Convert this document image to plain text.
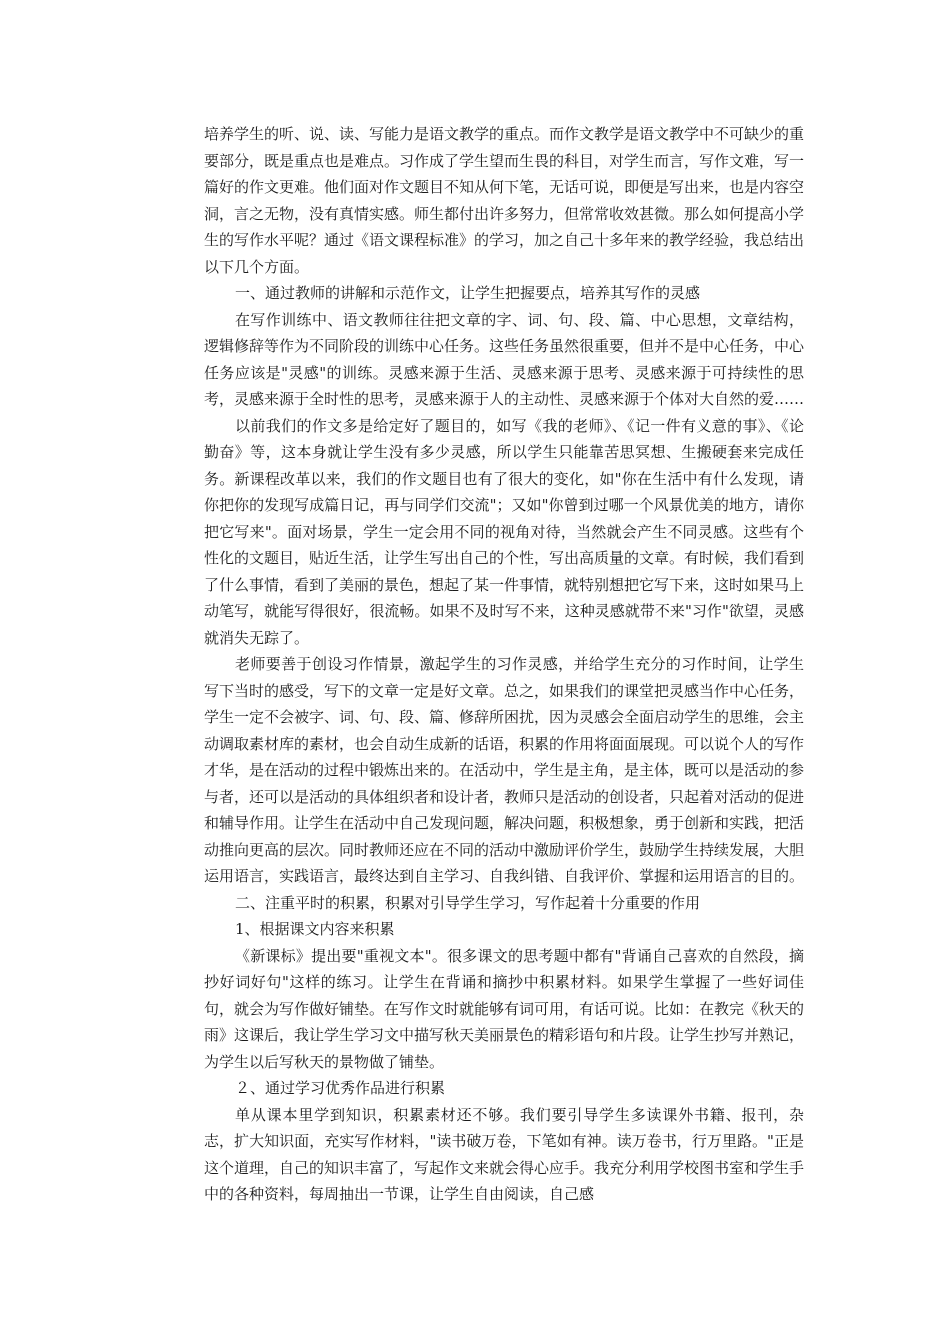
培养学生的听、说、读、写能力是语文教学的重点。而作文教学是语文教学中不可缺少的重要部分，既是重点也是难点。习作成了学生望而生畏的科目，对学生而言，写作文难，写一篇好的作文更难。他们面对作文题目不知从何下笔，无话可说，即便是写出来，也是内容空洞，言之无物，没有真情实感。师生都付出许多努力，但常常收效甚微。那么如何提高小学生的写作水平呢？通过《语文课程标准》的学习，加之自己十多年来的教学经验，我总结出以下几个方面。

一、通过教师的讲解和示范作文，让学生把握要点，培养其写作的灵感

在写作训练中、语文教师往往把文章的字、词、句、段、篇、中心思想，文章结构，逻辑修辞等作为不同阶段的训练中心任务。这些任务虽然很重要，但并不是中心任务，中心任务应该是"灵感"的训练。灵感来源于生活、灵感来源于思考、灵感来源于可持续性的思考，灵感来源于全时性的思考，灵感来源于人的主动性、灵感来源于个体对大自然的爱……

以前我们的作文多是给定好了题目的，如写《我的老师》、《记一件有义意的事》、《论勤奋》等，这本身就让学生没有多少灵感，所以学生只能靠苦思冥想、生搬硬套来完成任务。新课程改革以来，我们的作文题目也有了很大的变化，如"你在生活中有什么发现，请你把你的发现写成篇日记，再与同学们交流"；又如"你曾到过哪一个风景优美的地方，请你把它写来"。面对场景，学生一定会用不同的视角对待，当然就会产生不同灵感。这些有个性化的文题目，贴近生活，让学生写出自己的个性，写出高质量的文章。有时候，我们看到了什么事情，看到了美丽的景色，想起了某一件事情，就特别想把它写下来，这时如果马上动笔写，就能写得很好，很流畅。如果不及时写不来，这种灵感就带不来"习作"欲望，灵感就消失无踪了。

老师要善于创设习作情景，激起学生的习作灵感，并给学生充分的习作时间，让学生写下当时的感受，写下的文章一定是好文章。总之，如果我们的课堂把灵感当作中心任务，学生一定不会被字、词、句、段、篇、修辞所困扰，因为灵感会全面启动学生的思维，会主动调取素材库的素材，也会自动生成新的话语，积累的作用将面面展现。可以说个人的写作才华，是在活动的过程中锻炼出来的。在活动中，学生是主角，是主体，既可以是活动的参与者，还可以是活动的具体组织者和设计者，教师只是活动的创设者，只起着对活动的促进和辅导作用。让学生在活动中自己发现问题，解决问题，积极想象，勇于创新和实践，把活动推向更高的层次。同时教师还应在不同的活动中激励评价学生，鼓励学生持续发展，大胆运用语言，实践语言，最终达到自主学习、自我纠错、自我评价、掌握和运用语言的目的。

二、注重平时的积累，积累对引导学生学习，写作起着十分重要的作用

1、根据课文内容来积累

《新课标》提出要"重视文本"。很多课文的思考题中都有"背诵自己喜欢的自然段，摘抄好词好句"这样的练习。让学生在背诵和摘抄中积累材料。如果学生掌握了一些好词佳句，就会为写作做好铺垫。在写作文时就能够有词可用，有话可说。比如：在教完《秋天的雨》这课后，我让学生学习文中描写秋天美丽景色的精彩语句和片段。让学生抄写并熟记，为学生以后写秋天的景物做了铺垫。

２、通过学习优秀作品进行积累

单从课本里学到知识，积累素材还不够。我们要引导学生多读课外书籍、报刊，杂志，扩大知识面，充实写作材料，"读书破万卷，下笔如有神。读万卷书，行万里路。"正是这个道理，自己的知识丰富了，写起作文来就会得心应手。我充分利用学校图书室和学生手中的各种资料，每周抽出一节课，让学生自由阅读，自己感
